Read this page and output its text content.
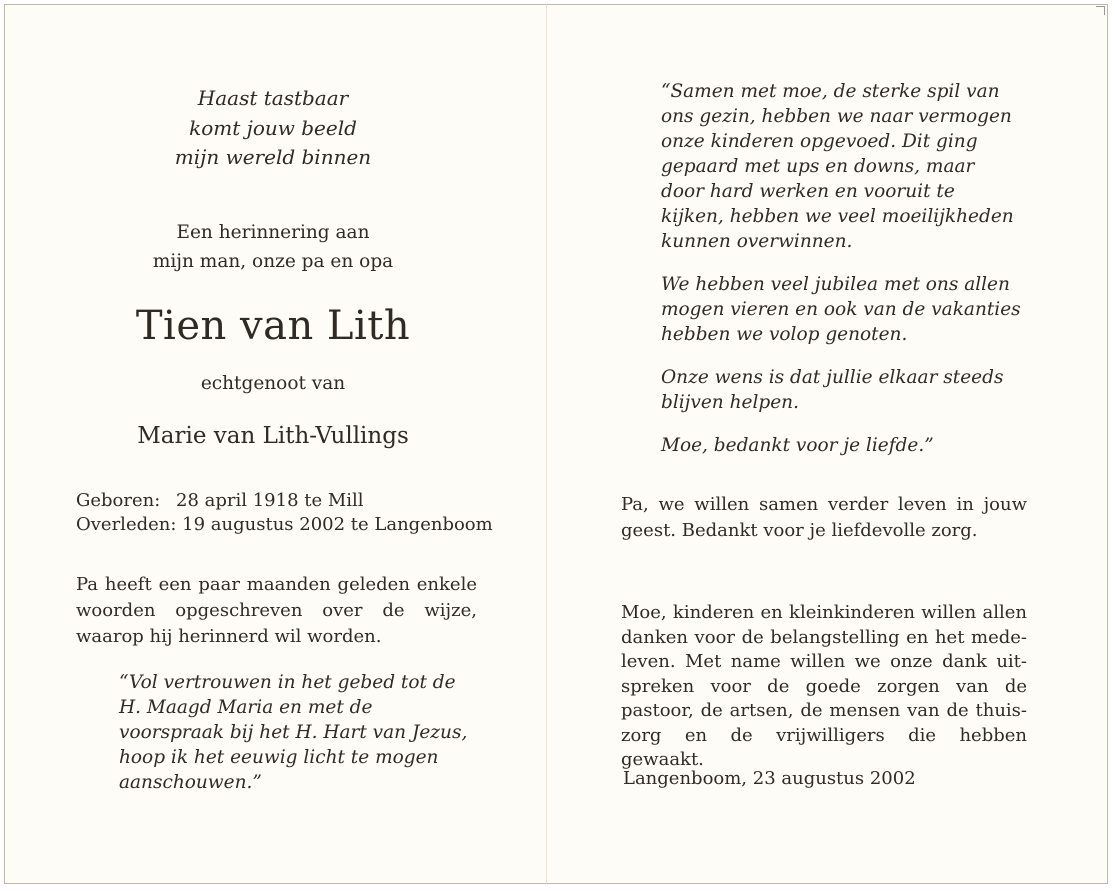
Haast tastbaar
komt jouw beeld
mijn wereld binnen
Een herinnering aan
mijn man, onze pa en opa
Tien van Lith
echtgenoot van
Marie van Lith-Vullings
Geboren: 28 april 1918 te Mill
Overleden: 19 augustus 2002 te Langenboom
Pa heeft een paar maanden geleden enkele
woorden opgeschreven over de wijze,
waarop hij herinnerd wil worden.
“Vol vertrouwen in het gebed tot de
H. Maagd Maria en met de
voorspraak bij het H. Hart van Jezus,
hoop ik het eeuwig licht te mogen
aanschouwen.”
“Samen met moe, de sterke spil van
ons gezin, hebben we naar vermogen
onze kinderen opgevoed. Dit ging
gepaard met ups en downs, maar
door hard werken en vooruit te
kijken, hebben we veel moeilijkheden
kunnen overwinnen.
We hebben veel jubilea met ons allen
mogen vieren en ook van de vakanties
hebben we volop genoten.
Onze wens is dat jullie elkaar steeds
blijven helpen.
Moe, bedankt voor je liefde.”
Pa, we willen samen verder leven in jouw
geest. Bedankt voor je liefdevolle zorg.
Moe, kinderen en kleinkinderen willen allen
danken voor de belangstelling en het mede-
leven. Met name willen we onze dank uit-
spreken voor de goede zorgen van de
pastoor, de artsen, de mensen van de thuis-
zorg en de vrijwilligers die hebben gewaakt.
Langenboom, 23 augustus 2002
